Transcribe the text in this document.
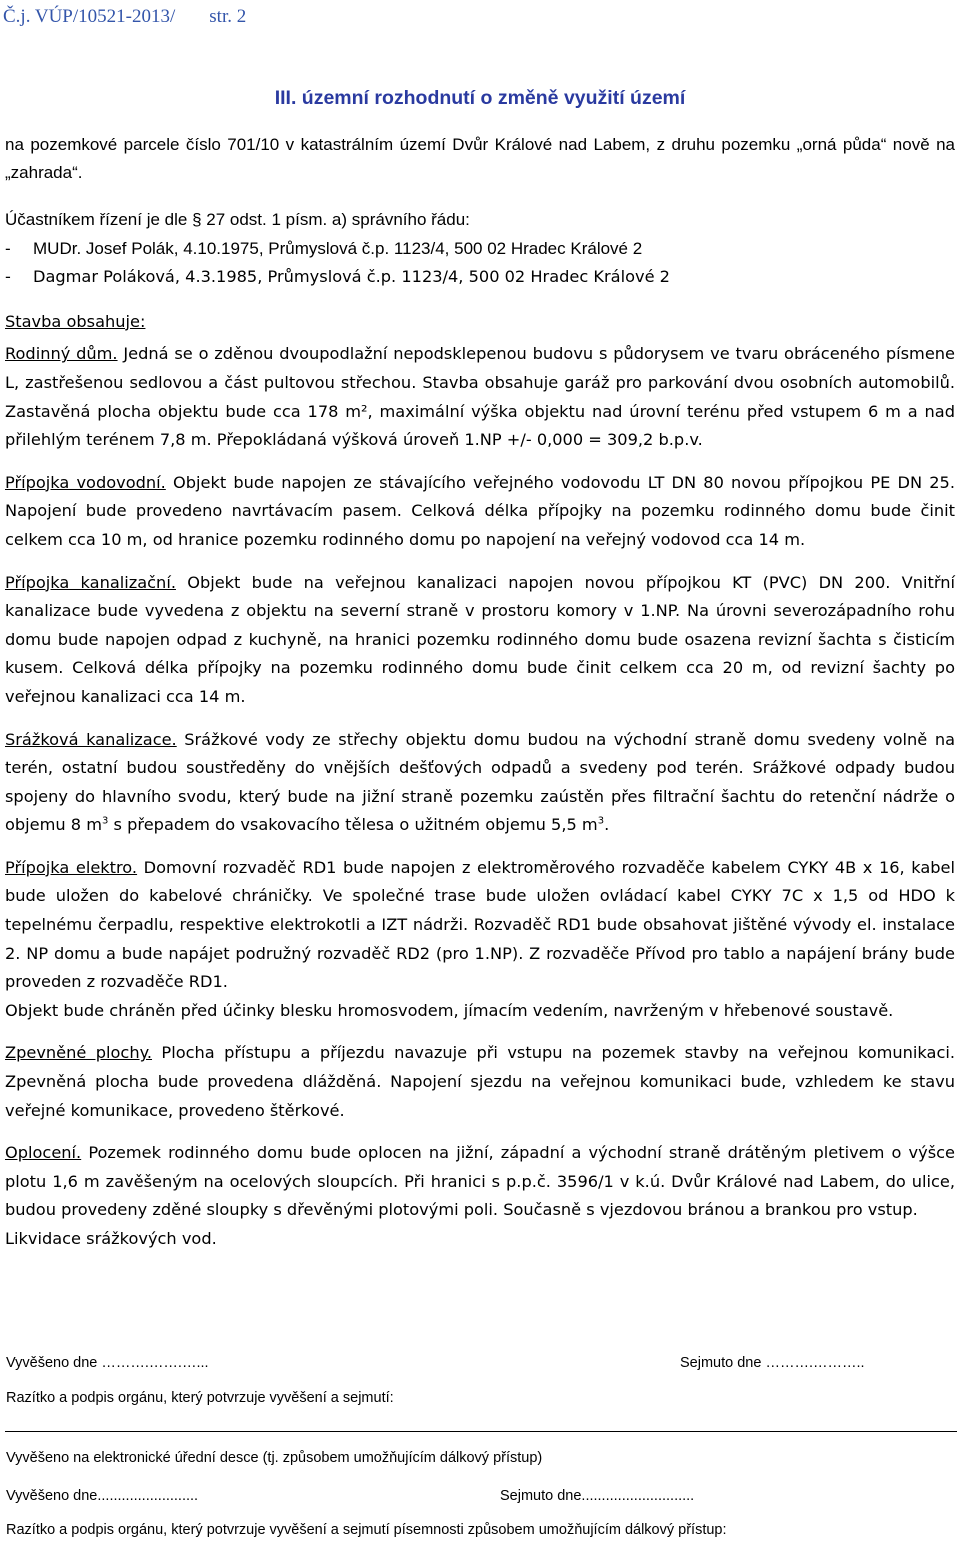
Č.j. VÚP/10521-2013/ str. 2
III. územní rozhodnutí o změně využití území

na pozemkové parcele číslo 701/10 v katastrálním území Dvůr Králové nad Labem, z druhu pozemku „orná půda“ nově na „zahrada“.

Účastníkem řízení je dle § 27 odst. 1 písm. a) správního řádu:

- MUDr. Josef Polák, 4.10.1975, Průmyslová č.p. 1123/4, 500 02 Hradec Králové 2
- Dagmar Poláková, 4.3.1985, Průmyslová č.p. 1123/4, 500 02 Hradec Králové 2

Stavba obsahuje:

Rodinný dům. Jedná se o zděnou dvoupodlažní nepodsklepenou budovu s půdorysem ve tvaru obráceného písmene L, zastřešenou sedlovou a část pultovou střechou. Stavba obsahuje garáž pro parkování dvou osobních automobilů. Zastavěná plocha objektu bude cca 178 m², maximální výška objektu nad úrovní terénu před vstupem 6 m a nad přilehlým terénem 7,8 m. Přepokládaná výšková úroveň 1.NP +/- 0,000 = 309,2 b.p.v.

Přípojka vodovodní. Objekt bude napojen ze stávajícího veřejného vodovodu LT DN 80 novou přípojkou PE DN 25. Napojení bude provedeno navrtávacím pasem. Celková délka přípojky na pozemku rodinného domu bude činit celkem cca 10 m, od hranice pozemku rodinného domu po napojení na veřejný vodovod cca 14 m.

Přípojka kanalizační. Objekt bude na veřejnou kanalizaci napojen novou přípojkou KT (PVC) DN 200. Vnitřní kanalizace bude vyvedena z objektu na severní straně v prostoru komory v 1.NP. Na úrovni severozápadního rohu domu bude napojen odpad z kuchyně, na hranici pozemku rodinného domu bude osazena revizní šachta s čisticím kusem. Celková délka přípojky na pozemku rodinného domu bude činit celkem cca 20 m, od revizní šachty po veřejnou kanalizaci cca 14 m.

Srážková kanalizace. Srážkové vody ze střechy objektu domu budou na východní straně domu svedeny volně na terén, ostatní budou soustředěny do vnějších dešťových odpadů a svedeny pod terén. Srážkové odpady budou spojeny do hlavního svodu, který bude na jižní straně pozemku zaústěn přes filtrační šachtu do retenční nádrže o objemu 8 $m^3$ s přepadem do vsakovacího tělesa o užitném objemu 5,5 $m^3$.

Přípojka elektro. Domovní rozvaděč RD1 bude napojen z elektroměrového rozvaděče kabelem CYKY 4B x 16, kabel bude uložen do kabelové chráničky. Ve společné trase bude uložen ovládací kabel CYKY 7C x 1,5 od HDO k tepelnému čerpadlu, respektive elektrokotli a IZT nádrži. Rozvaděč RD1 bude obsahovat jištěné vývody el. instalace 2. NP domu a bude napájet podružný rozvaděč RD2 (pro 1.NP). Z rozvaděče Přívod pro tablo a napájení brány bude proveden z rozvaděče RD1.

Objekt bude chráněn před účinky blesku hromosvodem, jímacím vedením, navrženým v hřebenové soustavě.

Zpevněné plochy. Plocha přístupu a příjezdu navazuje při vstupu na pozemek stavby na veřejnou komunikaci. Zpevněná plocha bude provedena dlážděná. Napojení sjezdu na veřejnou komunikaci bude, vzhledem ke stavu veřejné komunikace, provedeno štěrkové.

Oplocení. Pozemek rodinného domu bude oplocen na jižní, západní a východní straně drátěným pletivem o výšce plotu 1,6 m zavěšeným na ocelových sloupcích. Při hranici s p.p.č. 3596/1 v k.ú. Dvůr Králové nad Labem, do ulice, budou provedeny zděné sloupky s dřevěnými plotovými poli. Současně s vjezdovou bránou a brankou pro vstup.

Likvidace srážkových vod.

Vyvěšeno dne ……….…….…...	Sejmuto dne ……….………..
Razítko a podpis orgánu, který potvrzuje vyvěšení a sejmutí:
Vyvěšeno na elektronické úřední desce (tj. způsobem umožňujícím dálkový přístup)
Vyvěšeno dne.........................	Sejmuto dne............................
Razítko a podpis orgánu, který potvrzuje vyvěšení a sejmutí písemnosti způsobem umožňujícím dálkový přístup:
